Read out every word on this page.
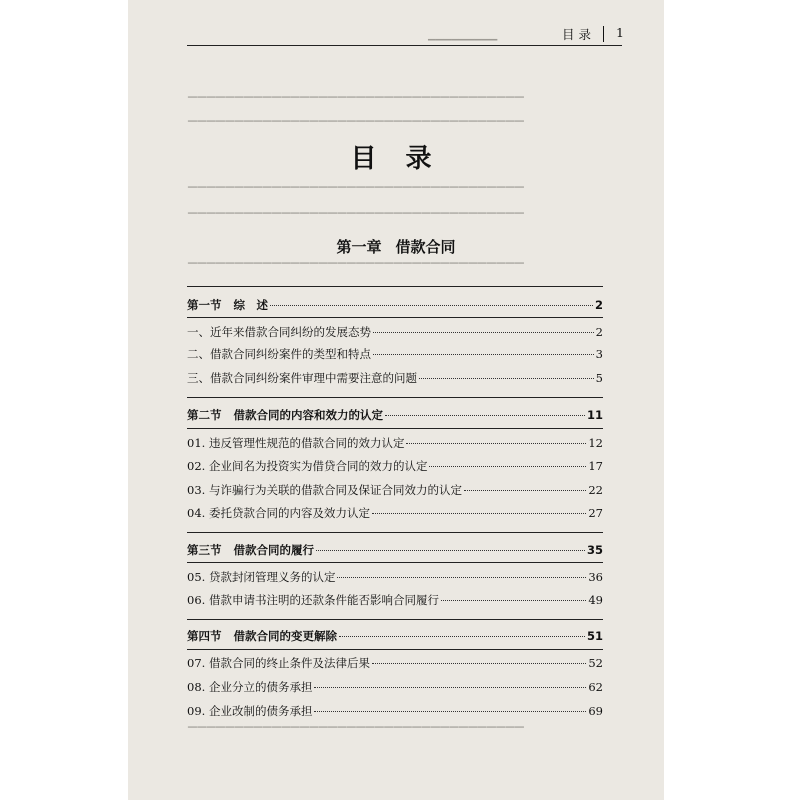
▔▔▔▔▔▔▔▔▔▔▔▔▔▔▔▔▔▔▔▔▔▔▔▔▔▔▔▔▔▔▔▔▔▔▔▔
▔▔▔▔▔▔▔▔▔▔▔▔▔▔▔▔▔▔▔▔▔▔▔▔▔▔▔▔▔▔▔▔▔▔▔▔
▔▔▔▔▔▔▔▔▔▔▔▔▔▔▔▔▔▔▔▔▔▔▔▔▔▔▔▔▔▔▔▔▔▔▔▔
▔▔▔▔▔▔▔▔▔▔▔▔▔▔▔▔▔▔▔▔▔▔▔▔▔▔▔▔▔▔▔▔▔▔▔▔
▔▔▔▔▔▔▔▔▔▔▔▔▔▔▔▔▔▔▔▔▔▔▔▔▔▔▔▔▔▔▔▔▔▔▔▔
▁▁▁▁▁▁▁▁▁	目 录 1
目 录
第一章 借款合同
第一节 综　述	2
一、近年来借款合同纠纷的发展态势	2
二、借款合同纠纷案件的类型和特点	3
三、借款合同纠纷案件审理中需要注意的问题	5
第二节 借款合同的内容和效力的认定	11
01. 违反管理性规范的借款合同的效力认定	12
02. 企业间名为投资实为借贷合同的效力的认定	17
03. 与诈骗行为关联的借款合同及保证合同效力的认定	22
04. 委托贷款合同的内容及效力认定	27
第三节 借款合同的履行	35
05. 贷款封闭管理义务的认定	36
06. 借款申请书注明的还款条件能否影响合同履行	49
第四节 借款合同的变更解除	51
07. 借款合同的终止条件及法律后果	52
08. 企业分立的债务承担	62
09. 企业改制的债务承担	69
▔▔▔▔▔▔▔▔▔▔▔▔▔▔▔▔▔▔▔▔▔▔▔▔▔▔▔▔▔▔▔▔▔▔▔▔
